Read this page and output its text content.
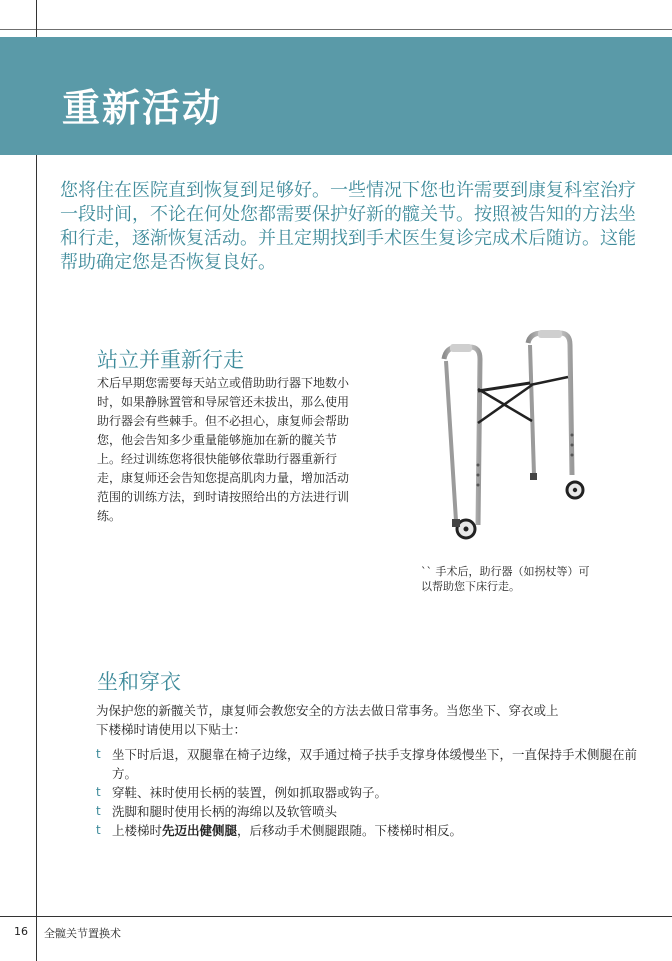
重新活动

您将住在医院直到恢复到足够好。一些情况下您也许需要到康复科室治疗一段时间，不论在何处您都需要保护好新的髋关节。按照被告知的方法坐和行走，逐渐恢复活动。并且定期找到手术医生复诊完成术后随访。这能帮助确定您是否恢复良好。

站立并重新行走

术后早期您需要每天站立或借助助行器下地数小时，如果静脉置管和导尿管还未拔出，那么使用助行器会有些棘手。但不必担心，康复师会帮助您，他会告知多少重量能够施加在新的髋关节上。经过训练您将很快能够依靠助行器重新行走，康复师还会告知您提高肌肉力量，增加活动范围的训练方法，到时请按照给出的方法进行训练。

`` 手术后，助行器（如拐杖等）可以帮助您下床行走。

坐和穿衣

为保护您的新髋关节，康复师会教您安全的方法去做日常事务。当您坐下、穿衣或上下楼梯时请使用以下贴士：

t 坐下时后退，双腿靠在椅子边缘，双手通过椅子扶手支撑身体缓慢坐下，一直保持手术侧腿在前方。
t 穿鞋、袜时使用长柄的装置，例如抓取器或钩子。
t 洗脚和腿时使用长柄的海绵以及软管喷头
t 上楼梯时先迈出健侧腿，后移动手术侧腿跟随。下楼梯时相反。
16 全髋关节置换术
